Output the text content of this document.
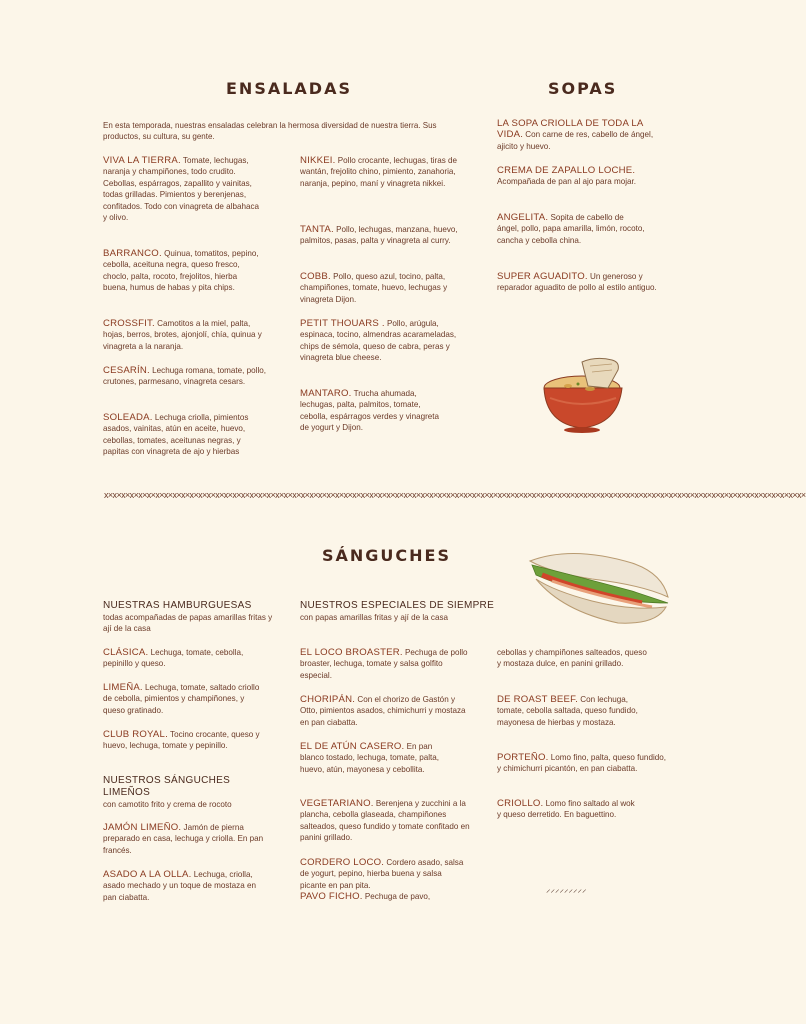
ENSALADAS
En esta temporada, nuestras ensaladas celebran la hermosa diversidad de nuestra tierra. Sus productos, su cultura, su gente.
VIVA LA TIERRA. Tomate, lechugas, naranja y champiñones, todo crudito. Cebollas, espárragos, zapallito y vainitas, todas grilladas. Pimientos y berenjenas, confitados. Todo con vinagreta de albahaca y olivo.
BARRANCO. Quinua, tomatitos, pepino, cebolla, aceituna negra, queso fresco, choclo, palta, rocoto, frejolitos, hierba buena, humus de habas y pita chips.
CROSSFIT. Camotitos a la miel, palta, hojas, berros, brotes, ajonjolí, chía, quinua y vinagreta a la naranja.
CESARÍN. Lechuga romana, tomate, pollo, crutones, parmesano, vinagreta cesars.
SOLEADA. Lechuga criolla, pimientos asados, vainitas, atún en aceite, huevo, cebollas, tomates, aceitunas negras, y papitas con vinagreta de ajo y hierbas
NIKKEI. Pollo crocante, lechugas, tiras de wantán, frejolito chino, pimiento, zanahoria, naranja, pepino, maní y vinagreta nikkei.
TANTA. Pollo, lechugas, manzana, huevo, palmitos, pasas, palta y vinagreta al curry.
COBB. Pollo, queso azul, tocino, palta, champiñones, tomate, huevo, lechugas y vinagreta Dijon.
PETIT THOUARS . Pollo, arúgula, espinaca, tocino, almendras acarameladas, chips de sémola, queso de cabra, peras y vinagreta blue cheese.
MANTARO. Trucha ahumada, lechugas, palta, palmitos, tomate, cebolla, espárragos verdes y vinagreta de yogurt y Dijon.
SOPAS
LA SOPA CRIOLLA DE TODA LA VIDA. Con carne de res, cabello de ángel, ajicito y huevo.
CREMA DE ZAPALLO LOCHE. Acompañada de pan al ajo para mojar.
ANGELITA. Sopita de cabello de ángel, pollo, papa amarilla, limón, rocoto, cancha y cebolla china.
SUPER AGUADITO. Un generoso y reparador aguadito de pollo al estilo antiguo.
x×x×x×x×x×x×x×x×x×x×x×x×x×x×x×x×x×x×x×x×x×x×x×x×x×x×x×x×x×x×x×x×x×x×x×x×x×x×x×x×x×x×x×x×x×x×x×x×x×x×x×x×x×x×x×x×x×x×x×x×x×x×x×x×x×x×x×x×x×x×x×x×x×x×x×x×x×x×x×x×x×x×
SÁNGUCHES
NUESTRAS HAMBURGUESAS
todas acompañadas de papas amarillas fritas y ají de la casa
CLÁSICA. Lechuga, tomate, cebolla, pepinillo y queso.
LIMEÑA. Lechuga, tomate, saltado criollo de cebolla, pimientos y champiñones, y queso gratinado.
CLUB ROYAL. Tocino crocante, queso y huevo, lechuga, tomate y pepinillo.
NUESTROS SÁNGUCHES LIMEÑOS
con camotito frito y crema de rocoto
JAMÓN LIMEÑO. Jamón de pierna preparado en casa, lechuga y criolla. En pan francés.
ASADO A LA OLLA. Lechuga, criolla, asado mechado y un toque de mostaza en pan ciabatta.
NUESTROS ESPECIALES DE SIEMPRE
con papas amarillas fritas y ají de la casa
EL LOCO BROASTER. Pechuga de pollo broaster, lechuga, tomate y salsa golfito especial.
CHORIPÁN. Con el chorizo de Gastón y Otto, pimientos asados, chimichurri y mostaza en pan ciabatta.
EL DE ATÚN CASERO. En pan blanco tostado, lechuga, tomate, palta, huevo, atún, mayonesa y cebollita.
VEGETARIANO. Berenjena y zucchini a la plancha, cebolla glaseada, champiñones salteados, queso fundido y tomate confitado en panini grillado.
CORDERO LOCO. Cordero asado, salsa de yogurt, pepino, hierba buena y salsa picante en pan pita.
PAVO FICHO. Pechuga de pavo,
cebollas y champiñones salteados, queso y mostaza dulce, en panini grillado.
DE ROAST BEEF. Con lechuga, tomate, cebolla saltada, queso fundido, mayonesa de hierbas y mostaza.
PORTEÑO. Lomo fino, palta, queso fundido, y chimichurri picantón, en pan ciabatta.
CRIOLLO. Lomo fino saltado al wok y queso derretido. En baguettino.
⸝⸝⸝⸝⸝⸝⸝⸝⸝
